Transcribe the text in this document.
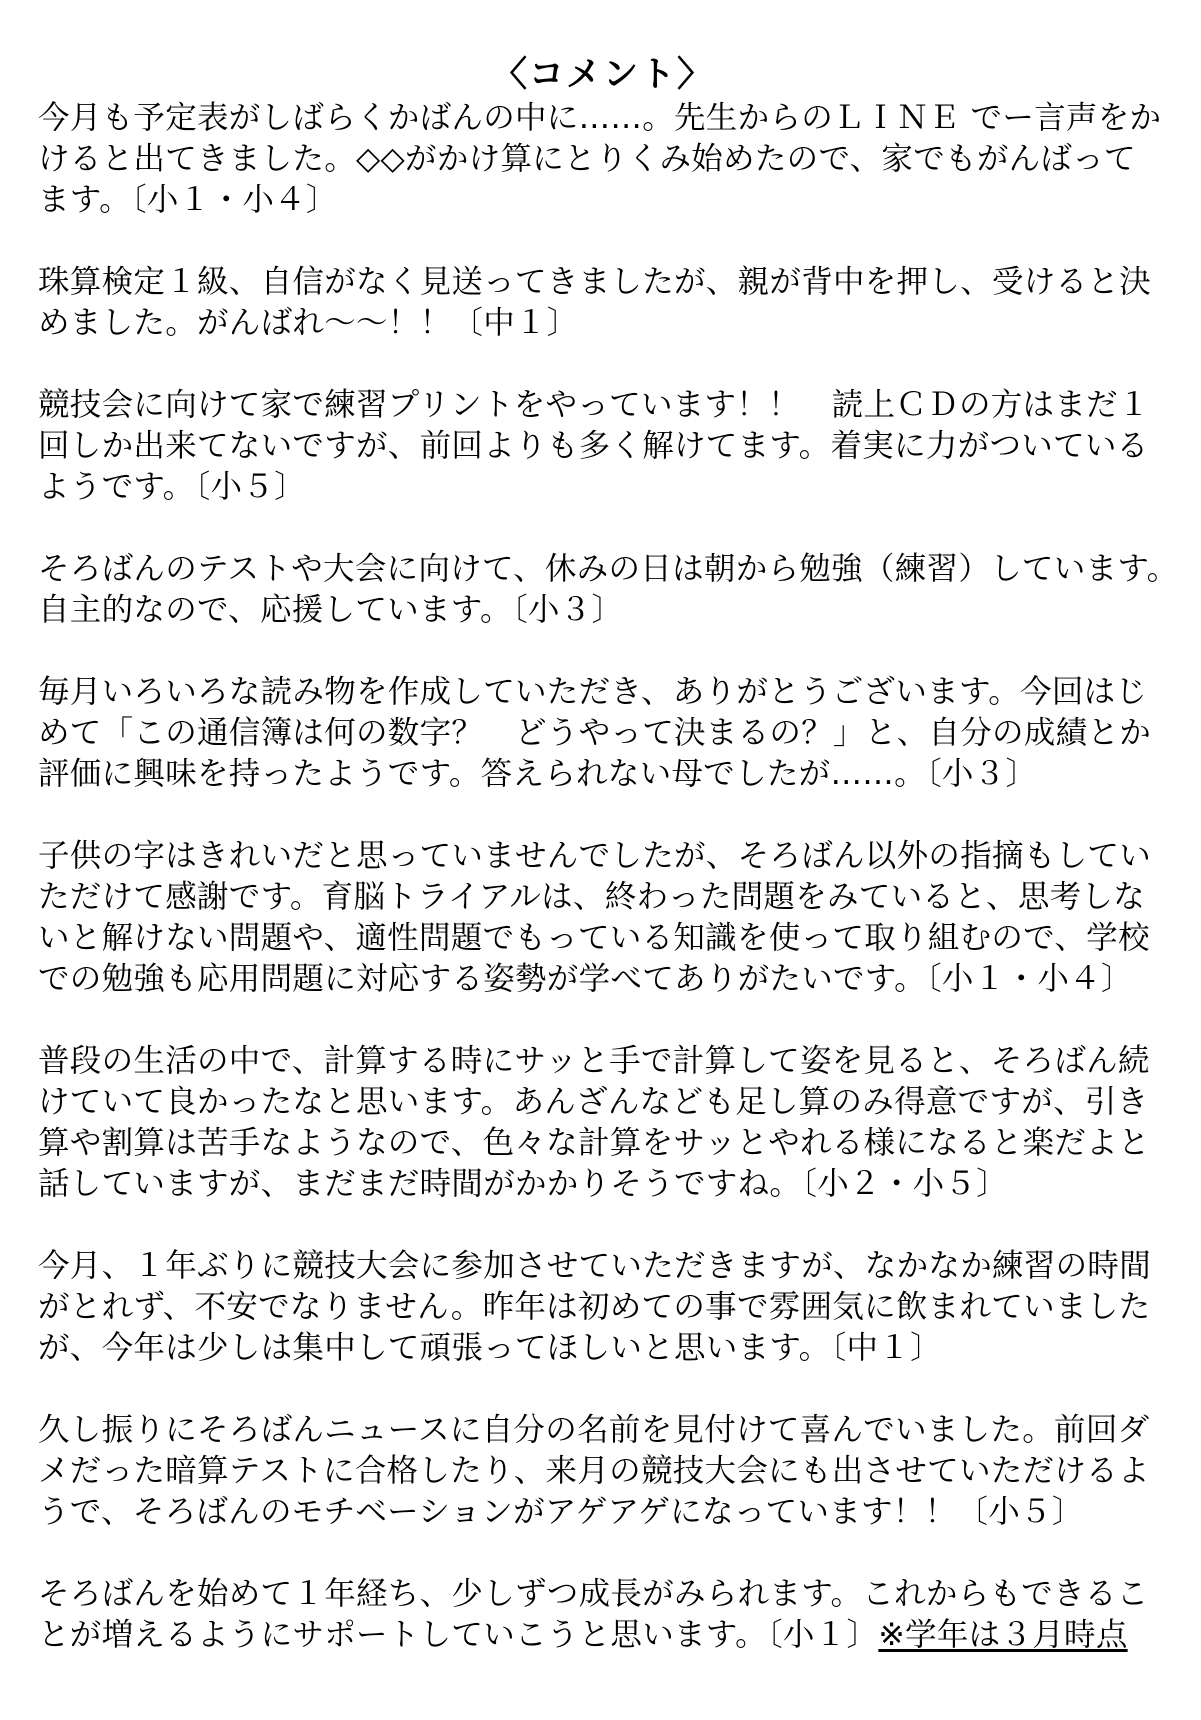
〈コメント〉

今月も予定表がしばらくかばんの中に……。先生からのＬＩＮＥ でー言声をか
けると出てきました。◇◇がかけ算にとりくみ始めたので、家でもがんばって
ます。〔小１・小４〕

珠算検定１級、自信がなく見送ってきましたが、親が背中を押し、受けると決
めました。がんばれ～～！！〔中１〕

競技会に向けて家で練習プリントをやっています！！　読上ＣＤの方はまだ１
回しか出来てないですが、前回よりも多く解けてます。着実に力がついている
ようです。〔小５〕

そろばんのテストや大会に向けて、休みの日は朝から勉強（練習）しています。
自主的なので、応援しています。〔小３〕

毎月いろいろな読み物を作成していただき、ありがとうございます。今回はじ
めて「この通信簿は何の数字？　どうやって決まるの？」と、自分の成績とか
評価に興味を持ったようです。答えられない母でしたが……。〔小３〕

子供の字はきれいだと思っていませんでしたが、そろばん以外の指摘もしてい
ただけて感謝です。育脳トライアルは、終わった問題をみていると、思考しな
いと解けない問題や、適性問題でもっている知識を使って取り組むので、学校
での勉強も応用問題に対応する姿勢が学べてありがたいです。〔小１・小４〕

普段の生活の中で、計算する時にサッと手で計算して姿を見ると、そろばん続
けていて良かったなと思います。あんざんなども足し算のみ得意ですが、引き
算や割算は苦手なようなので、色々な計算をサッとやれる様になると楽だよと
話していますが、まだまだ時間がかかりそうですね。〔小２・小５〕

今月、１年ぶりに競技大会に参加させていただきますが、なかなか練習の時間
がとれず、不安でなりません。昨年は初めての事で雰囲気に飲まれていました
が、今年は少しは集中して頑張ってほしいと思います。〔中１〕

久し振りにそろばんニュースに自分の名前を見付けて喜んでいました。前回ダ
メだった暗算テストに合格したり、来月の競技大会にも出させていただけるよ
うで、そろばんのモチベーションがアゲアゲになっています！！〔小５〕

そろばんを始めて１年経ち、少しずつ成長がみられます。これからもできるこ
とが増えるようにサポートしていこうと思います。〔小１〕※学年は３月時点
